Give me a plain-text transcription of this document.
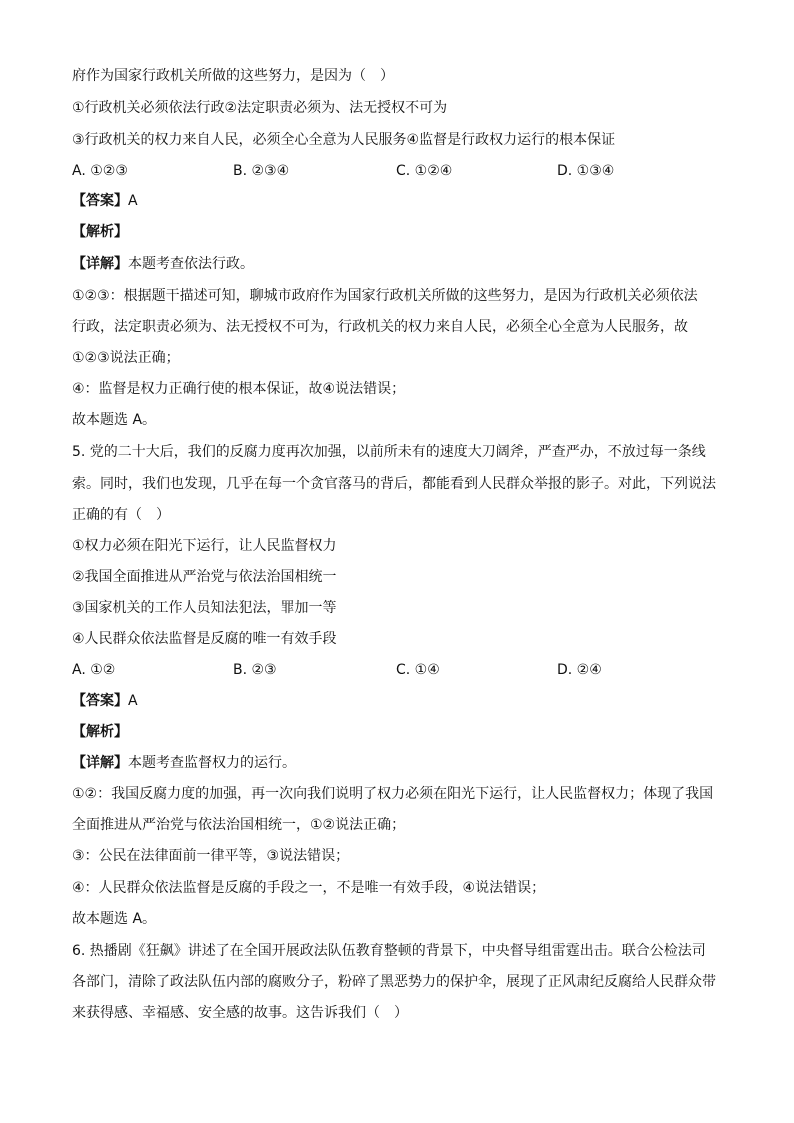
府作为国家行政机关所做的这些努力，是因为（　）
①行政机关必须依法行政②法定职责必须为、法无授权不可为
③行政机关的权力来自人民，必须全心全意为人民服务④监督是行政权力运行的根本保证
A. ①②③	B. ②③④	C. ①②④	D. ①③④
【答案】A
【解析】
【详解】本题考查依法行政。
①②③：根据题干描述可知，聊城市政府作为国家行政机关所做的这些努力，是因为行政机关必须依法
行政，法定职责必须为、法无授权不可为，行政机关的权力来自人民，必须全心全意为人民服务，故
①②③说法正确；
④：监督是权力正确行使的根本保证，故④说法错误；
故本题选 A。
5. 党的二十大后，我们的反腐力度再次加强，以前所未有的速度大刀阔斧，严查严办，不放过每一条线
索。同时，我们也发现，几乎在每一个贪官落马的背后，都能看到人民群众举报的影子。对此，下列说法
正确的有（　）
①权力必须在阳光下运行，让人民监督权力
②我国全面推进从严治党与依法治国相统一
③国家机关的工作人员知法犯法，罪加一等
④人民群众依法监督是反腐的唯一有效手段
A. ①②	B. ②③	C. ①④	D. ②④
【答案】A
【解析】
【详解】本题考查监督权力的运行。
①②：我国反腐力度的加强，再一次向我们说明了权力必须在阳光下运行，让人民监督权力；体现了我国
全面推进从严治党与依法治国相统一，①②说法正确；
③：公民在法律面前一律平等，③说法错误；
④：人民群众依法监督是反腐的手段之一，不是唯一有效手段，④说法错误；
故本题选 A。
6. 热播剧《狂飙》讲述了在全国开展政法队伍教育整顿的背景下，中央督导组雷霆出击。联合公检法司
各部门，清除了政法队伍内部的腐败分子，粉碎了黑恶势力的保护伞，展现了正风肃纪反腐给人民群众带
来获得感、幸福感、安全感的故事。这告诉我们（　）
